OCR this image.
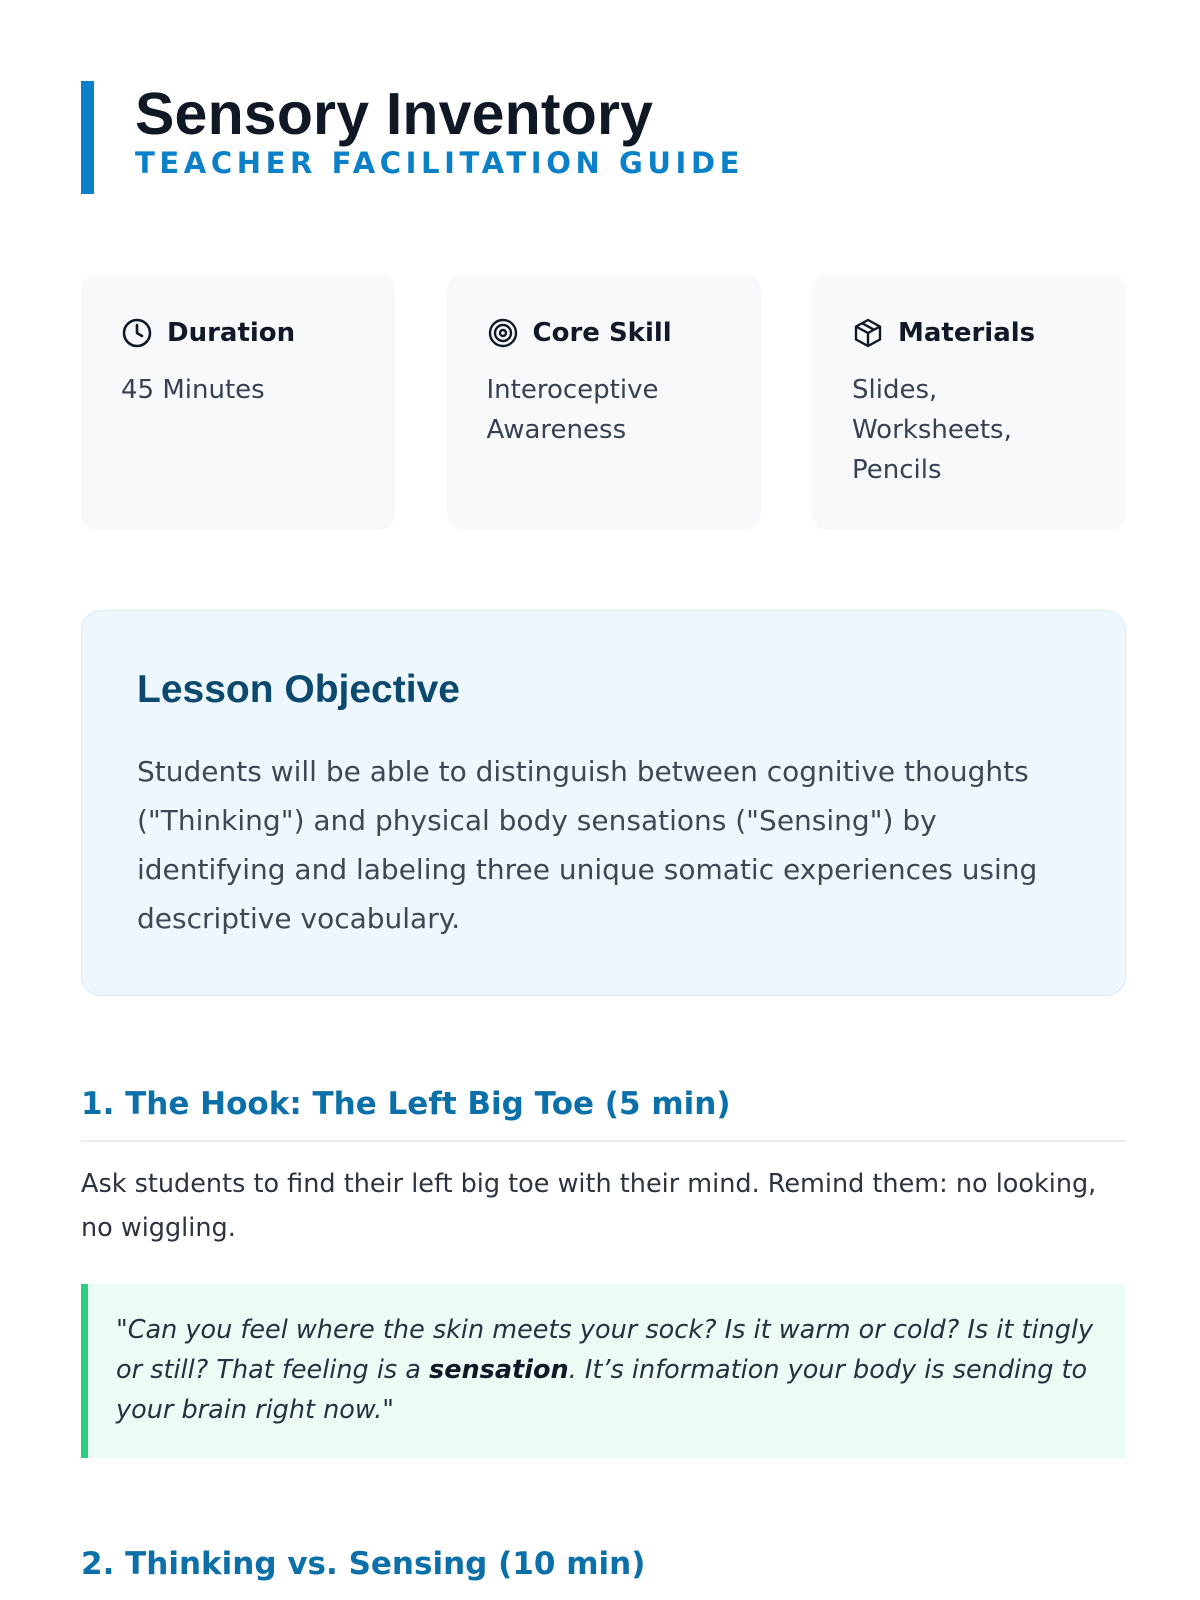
Sensory Inventory
TEACHER FACILITATION GUIDE
Duration
45 Minutes
Core Skill
Interoceptive Awareness
Materials
Slides, Worksheets, Pencils
Lesson Objective

Students will be able to distinguish between cognitive thoughts ("Thinking") and physical body sensations ("Sensing") by identifying and labeling three unique somatic experiences using descriptive vocabulary.

1. The Hook: The Left Big Toe (5 min)
Ask students to find their left big toe with their mind. Remind them: no looking, no wiggling.
"Can you feel where the skin meets your sock? Is it warm or cold? Is it tingly or still? That feeling is a sensation. It’s information your body is sending to your brain right now."
2. Thinking vs. Sensing (10 min)
